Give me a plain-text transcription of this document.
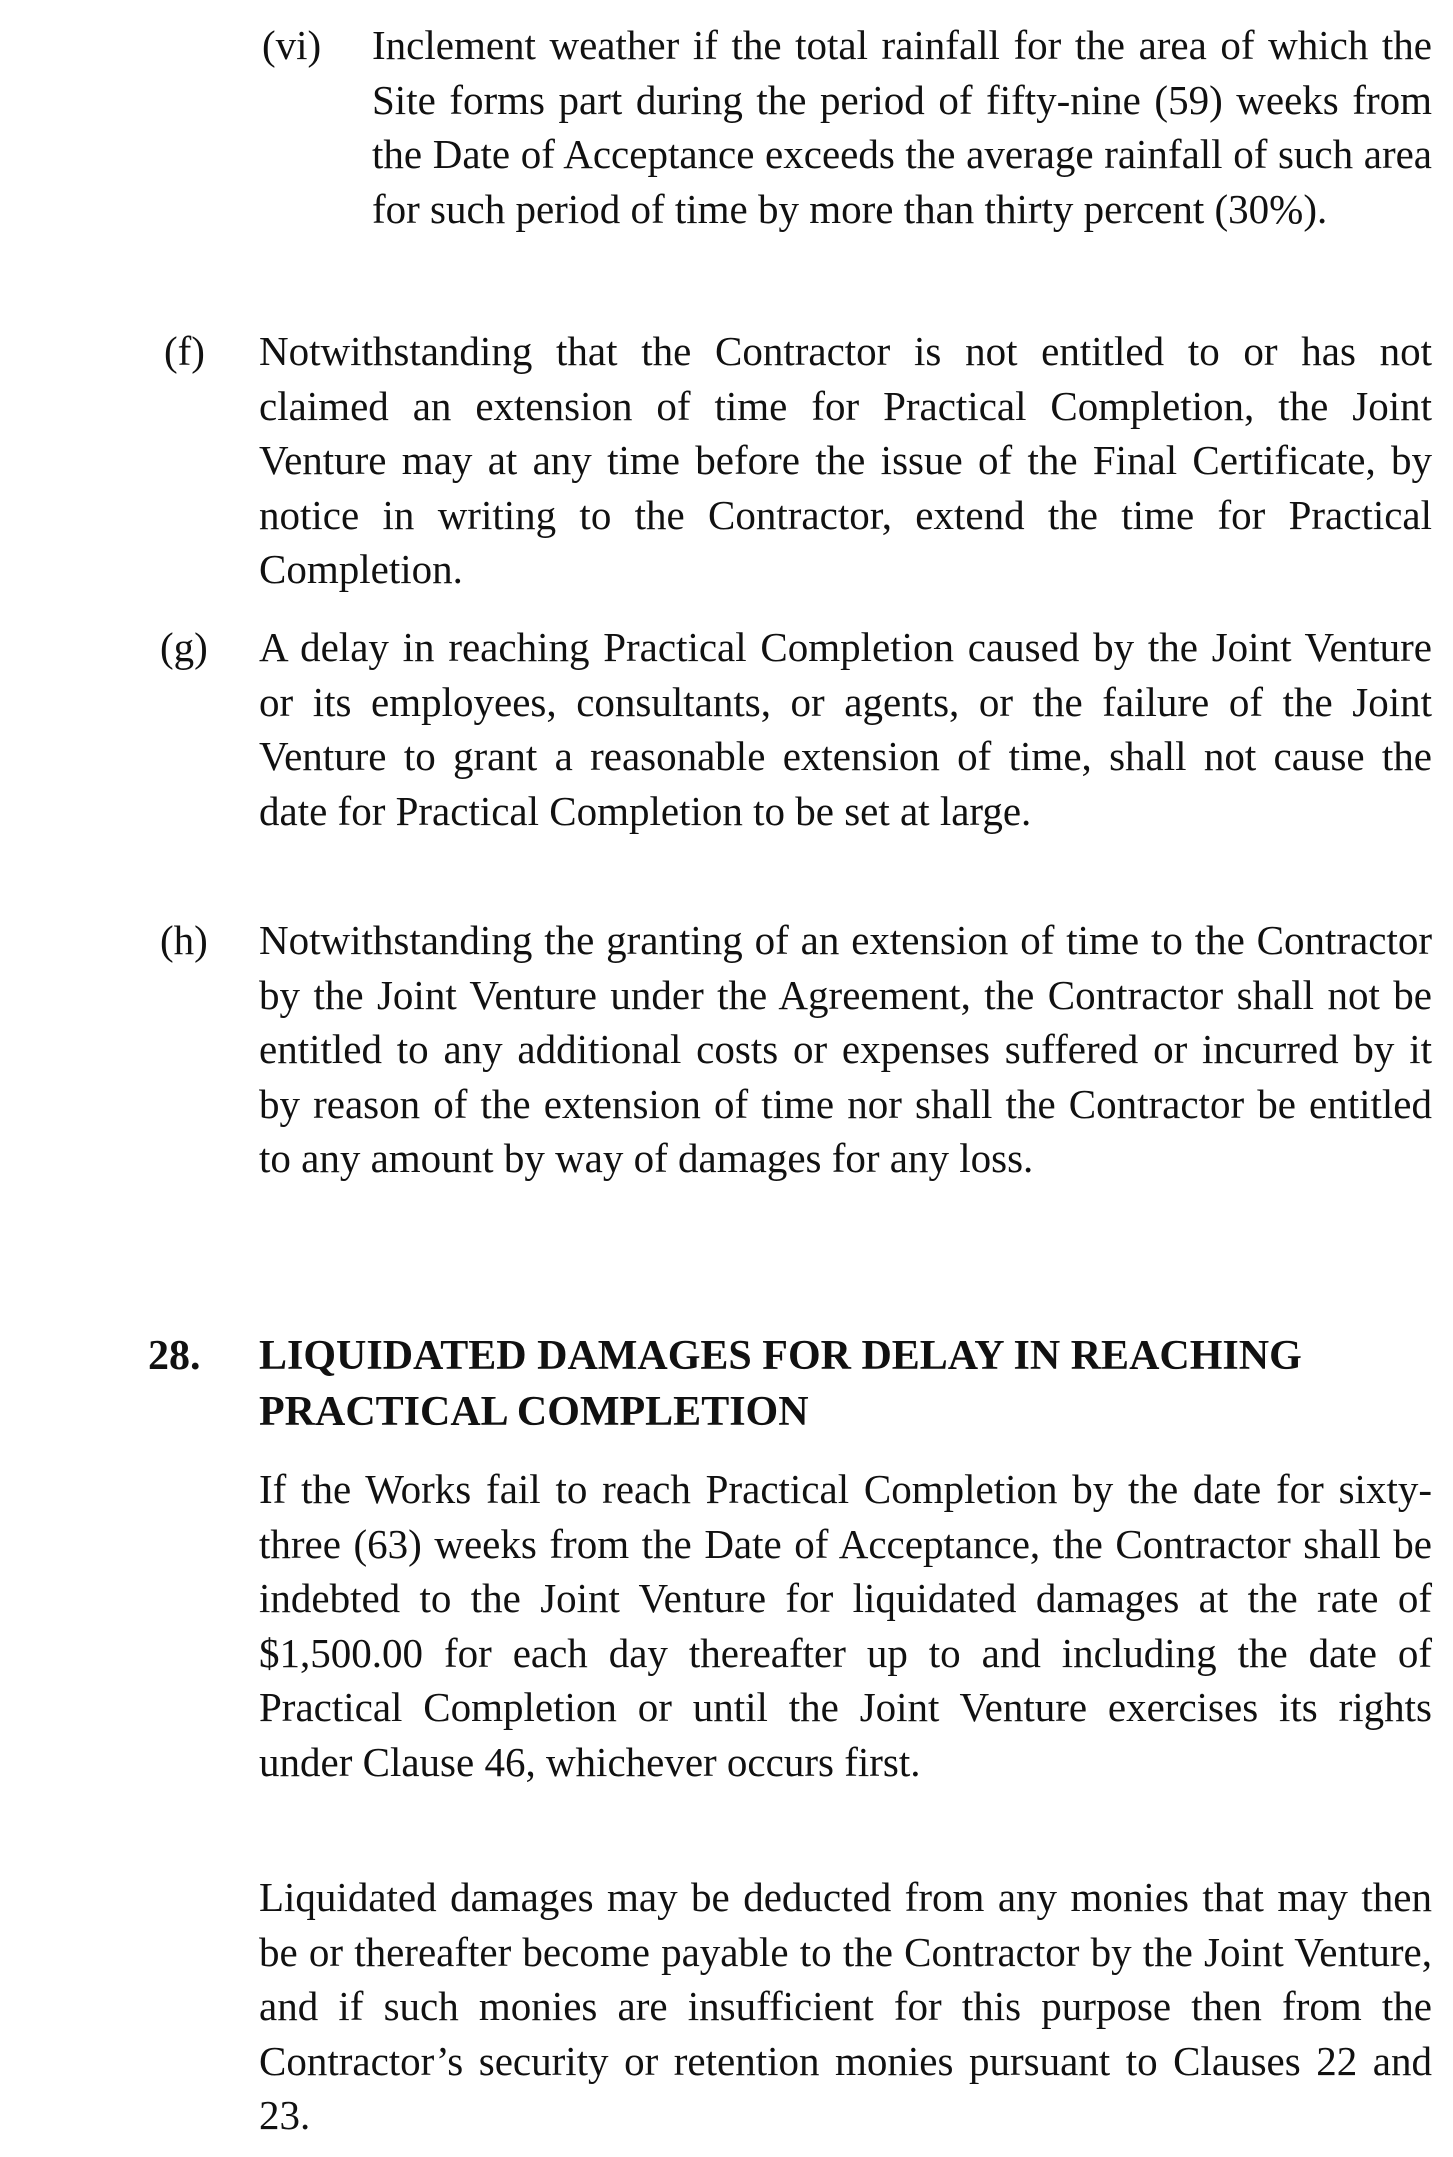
(vi) Inclement weather if the total rainfall for the area of which the Site forms part during the period of fifty-nine (59) weeks from the Date of Acceptance exceeds the average rainfall of such area for such period of time by more than thirty percent (30%).

(f) Notwithstanding that the Contractor is not entitled to or has not claimed an extension of time for Practical Completion, the Joint Venture may at any time before the issue of the Final Certificate, by notice in writing to the Contractor, extend the time for Practical Completion.

(g) A delay in reaching Practical Completion caused by the Joint Venture or its employees, consultants, or agents, or the failure of the Joint Venture to grant a reasonable extension of time, shall not cause the date for Practical Completion to be set at large.

(h) Notwithstanding the granting of an extension of time to the Contractor by the Joint Venture under the Agreement, the Contractor shall not be entitled to any additional costs or expenses suffered or incurred by it by reason of the extension of time nor shall the Contractor be entitled to any amount by way of damages for any loss.

28. LIQUIDATED DAMAGES FOR DELAY IN REACHING PRACTICAL COMPLETION

If the Works fail to reach Practical Completion by the date for sixty-three (63) weeks from the Date of Acceptance, the Contractor shall be indebted to the Joint Venture for liquidated damages at the rate of $1,500.00 for each day thereafter up to and including the date of Practical Completion or until the Joint Venture exercises its rights under Clause 46, whichever occurs first.

Liquidated damages may be deducted from any monies that may then be or thereafter become payable to the Contractor by the Joint Venture, and if such monies are insufficient for this purpose then from the Contractor’s security or retention monies pursuant to Clauses 22 and 23.
